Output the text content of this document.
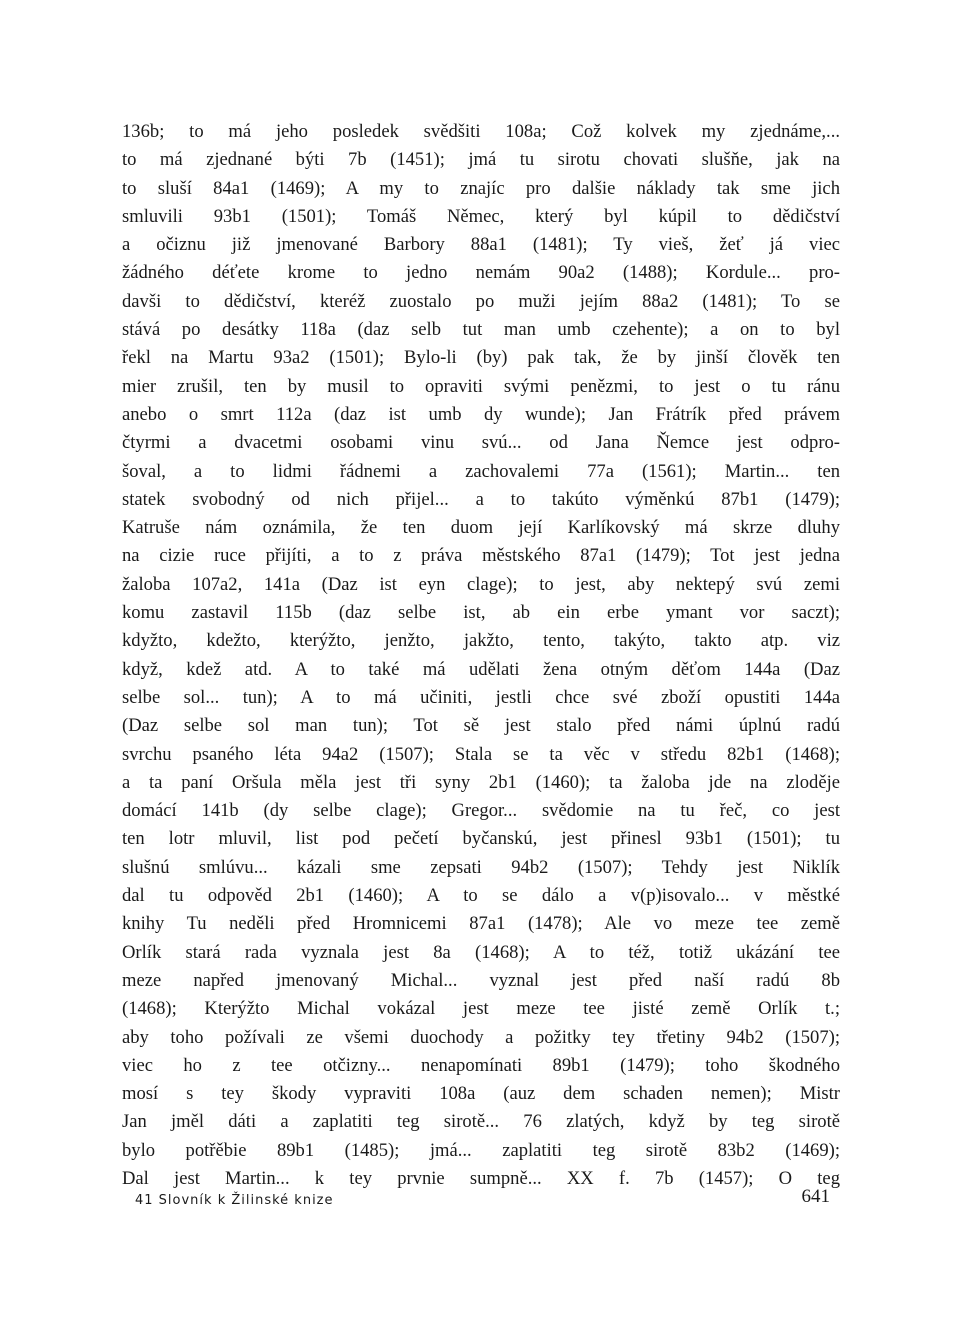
136b; to má jeho posledek svědšiti 108a; Což kolvek my zjednáme,...
to má zjednané býti 7b (1451); jmá tu sirotu chovati slušňe, jak na
to sluší 84a1 (1469); A my to znajíc pro dalšie náklady tak sme jich
smluvili 93b1 (1501); Tomáš Němec, který byl kúpil to dědičství
a očiznu již jmenované Barbory 88a1 (1481); Ty vieš, žeť já viec
žádného déťete krome to jedno nemám 90a2 (1488); Kordule... pro-
davši to dědičství, kteréž zuostalo po muži jejím 88a2 (1481); To se
stává po desátky 118a (daz selb tut man umb czehente); a on to byl
řekl na Martu 93a2 (1501); Bylo-li (by) pak tak, že by jinší člověk ten
mier zrušil, ten by musil to opraviti svými penězmi, to jest o tu ránu
anebo o smrt 112a (daz ist umb dy wunde); Jan Frátrík před právem
čtyrmi a dvacetmi osobami vinu svú... od Jana Ňemce jest odpro-
šoval, a to lidmi řádnemi a zachovalemi 77a (1561); Martin... ten
statek svobodný od nich přijel... a to takúto výměnkú 87b1 (1479);
Katruše nám oznámila, že ten duom její Karlíkovský má skrze dluhy
na cizie ruce přijíti, a to z práva městského 87a1 (1479); Tot jest jedna
žaloba 107a2, 141a (Daz ist eyn clage); to jest, aby nektерý svú zemi
komu zastavil 115b (daz selbe ist, ab ein erbe ymant vor saczt);
kdyžto, kdežto, kterýžto, jenžto, jakžto, tento, takýto, takto atp. viz
když, kdež atd. A to také má udělati žena otným děťom 144a (Daz
selbe sol... tun); A to má učiniti, jestli chce své zboží opustiti 144a
(Daz selbe sol man tun); Tot sě jest stalo před námi úplnú radú
svrchu psaného léta 94a2 (1507); Stala se ta věc v středu 82b1 (1468);
a ta paní Oršula měla jest tři syny 2b1 (1460); ta žaloba jde na zloděje
domácí 141b (dy selbe clage); Gregor... svědomie na tu řeč, co jest
ten lotr mluvil, list pod pečetí byčanskú, jest přinesl 93b1 (1501); tu
slušnú smlúvu... kázali sme zepsati 94b2 (1507); Tehdy jest Niklík
dal tu odpověd 2b1 (1460); A to se dálo a v(p)isovalo... v městké
knihy Tu neděli před Hromnicemi 87a1 (1478); Ale vo meze tee země
Orlík stará rada vyznala jest 8a (1468); A to též, totiž ukázání tee
meze napřed jmenovaný Michal... vyznal jest před naší radú 8b
(1468); Kterýžto Michal vokázal jest meze tee jisté země Orlík t.;
aby toho požívali ze všemi duochody a požitky tey třetiny 94b2 (1507);
viec ho z tee otčizny... nenapomínati 89b1 (1479); toho škodného
mosí s tey škody vypraviti 108a (auz dem schaden nemen); Mistr
Jan jměl dáti a zaplatiti teg sirotě... 76 zlatých, když by teg sirotě
bylo potřěbie 89b1 (1485); jmá... zaplatiti teg sirotě 83b2 (1469);
Dal jest Martin... k tey prvnie sumpně... XX f. 7b (1457); O teg
41 Slovník k Žilinské knize	641
